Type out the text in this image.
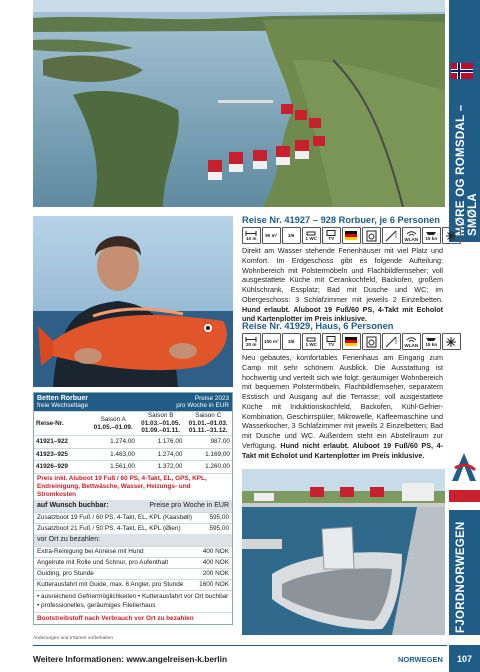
MØRE OG ROMSDAL – SMØLA
FJORDNORWEGEN
Reise Nr. 41927 – 928 Rorbuer, je 6 Personen
10 m 90 m² 3/6 1 WC TV	WLAN 15 kn
Direkt am Wasser stehende Ferienhäuser mit viel Platz und Komfort. Im Erdgeschoss gibt es folgende Aufteilung: Wohnbereich mit Polstermöbeln und Flachbildfernseher; voll ausgestattete Küche mit Cerankochfeld, Backofen, großem Kühlschrank, Essplatz; Bad mit Dusche und WC; im Obergeschoss: 3 Schlafzimmer mit jeweils 2 Einzelbetten. Hund erlaubt. Aluboot 19 Fuß/60 PS, 4-Takt mit Echolot und Kartenplotter im Preis inklusive.
Reise Nr. 41929, Haus, 6 Personen
20 m 100 m² 3/6 1 WC TV	WLAN 15 kn
Neu gebautes, komfortables Ferienhaus am Eingang zum Camp mit sehr schönem Ausblick. Die Ausstattung ist hochwertig und verteilt sich wie folgt: geräumiger Wohnbereich mit bequemen Polstermöbeln, Flachbildfernseher, separatem Esstisch und Ausgang auf die Terrasse; voll ausgestattete Küche mit Induktionskochfeld, Backofen, Kühl-Gefrier-Kombination, Geschirrspüler, Mikrowelle, Kaffeemaschine und Wasserkocher, 3 Schlafzimmer mit jeweils 2 Einzelbetten; Bad mit Dusche und WC. Außerdem steht ein Abstellraum zur Verfügung. Hund nicht erlaubt. Aluboot 19 Fuß/60 PS, 4-Takt mit Echolot und Kartenplotter im Preis inklusive.
Betten Rorbuer
freie Wechseltage
Preise 2023
pro Woche in EUR
Reise-Nr.
Saison A
01.05.–01.09.
Saison B
01.03.–01.05.
01.09.–01.11.
Saison C
01.01.–01.03.
01.11.–31.12.
41921–922	1.274,00	1.176,00	987,00
41923–925	1.463,00	1.274,00	1.169,00
41926–929	1.561,00	1.372,00	1.260,00
Preis inkl. Aluboot 19 Fuß / 60 PS, 4-Takt, EL, GPS, KPL, Endreinigung, Bettwäsche, Wasser, Heizungs- und Stromkosten
auf Wunsch buchbar:	Preise pro Woche in EUR
Zusatzboot 19 Fuß / 60 PS, 4-Takt, EL, KPL (Kaasbøll)	595,00
Zusatzboot 21 Fuß / 50 PS, 4-Takt, EL, KPL (Øien)	595,00
vor Ort zu bezahlen:
Extra-Reinigung bei Anreise mit Hund	400 NOK
Angelrute mit Rolle und Schnur, pro Aufenthalt	400 NOK
Guiding, pro Stunde	200 NOK
Kutterausfahrt mit Guide, max. 6 Angler, pro Stunde	1600 NOK
• ausreichend Gefriermöglichkeiten • Kutterausfahrt vor Ort buchbar • professionelles, geräumiges Filetierhaus
Bootstreibstoff nach Verbrauch vor Ort zu bezahlen
Änderungen und Irrtümer vorbehalten.
Weitere Informationen: www.angelreisen-k.berlin	NORWEGEN	107
